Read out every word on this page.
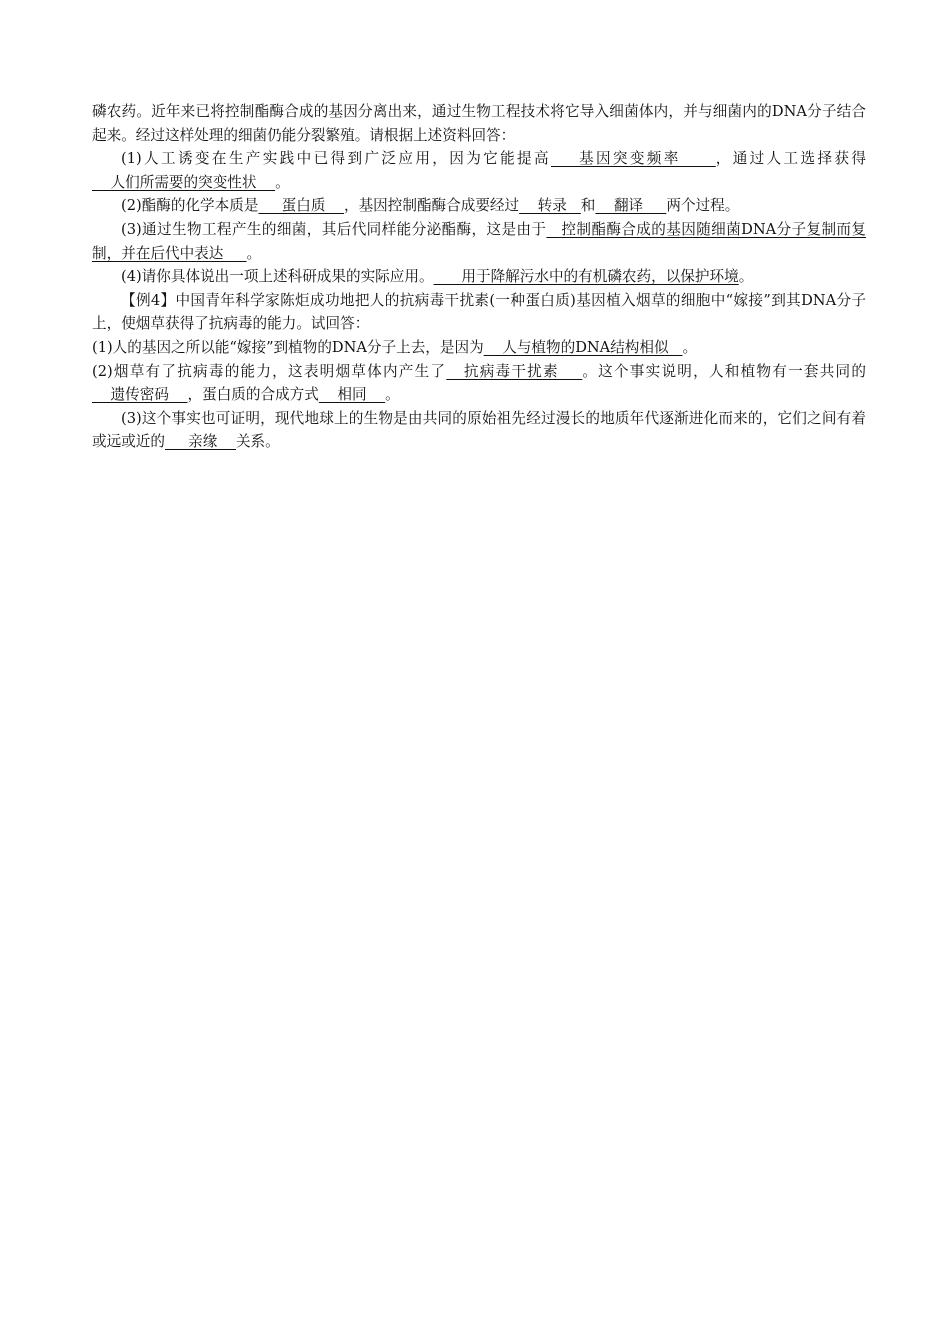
磷农药。近年来已将控制酯酶合成的基因分离出来，通过生物工程技术将它导入细菌体内，并与细菌内的DNA分子结合起来。经过这样处理的细菌仍能分裂繁殖。请根据上述资料回答：

(1)人工诱变在生产实践中已得到广泛应用，因为它能提高    基因突变频率     ，通过人工选择获得    人们所需要的突变性状    。

(2)酯酶的化学本质是     蛋白质    ，基因控制酯酶合成要经过    转录   和    翻译     两个过程。

(3)通过生物工程产生的细菌，其后代同样能分泌酯酶，这是由于   控制酯酶合成的基因随细菌DNA分子复制而复制，并在后代中表达     。

(4)请你具体说出一项上述科研成果的实际应用。      用于降解污水中的有机磷农药，以保护环境。

【例4】中国青年科学家陈炬成功地把人的抗病毒干扰素(一种蛋白质)基因植入烟草的细胞中“嫁接”到其DNA分子上，使烟草获得了抗病毒的能力。试回答：

(1)人的基因之所以能“嫁接”到植物的DNA分子上去，是因为    人与植物的DNA结构相似   。

(2)烟草有了抗病毒的能力，这表明烟草体内产生了   抗病毒干扰素    。这个事实说明，人和植物有一套共同的    遗传密码    ，蛋白质的合成方式    相同    。

(3)这个事实也可证明，现代地球上的生物是由共同的原始祖先经过漫长的地质年代逐渐进化而来的，它们之间有着或远或近的     亲缘    关系。
